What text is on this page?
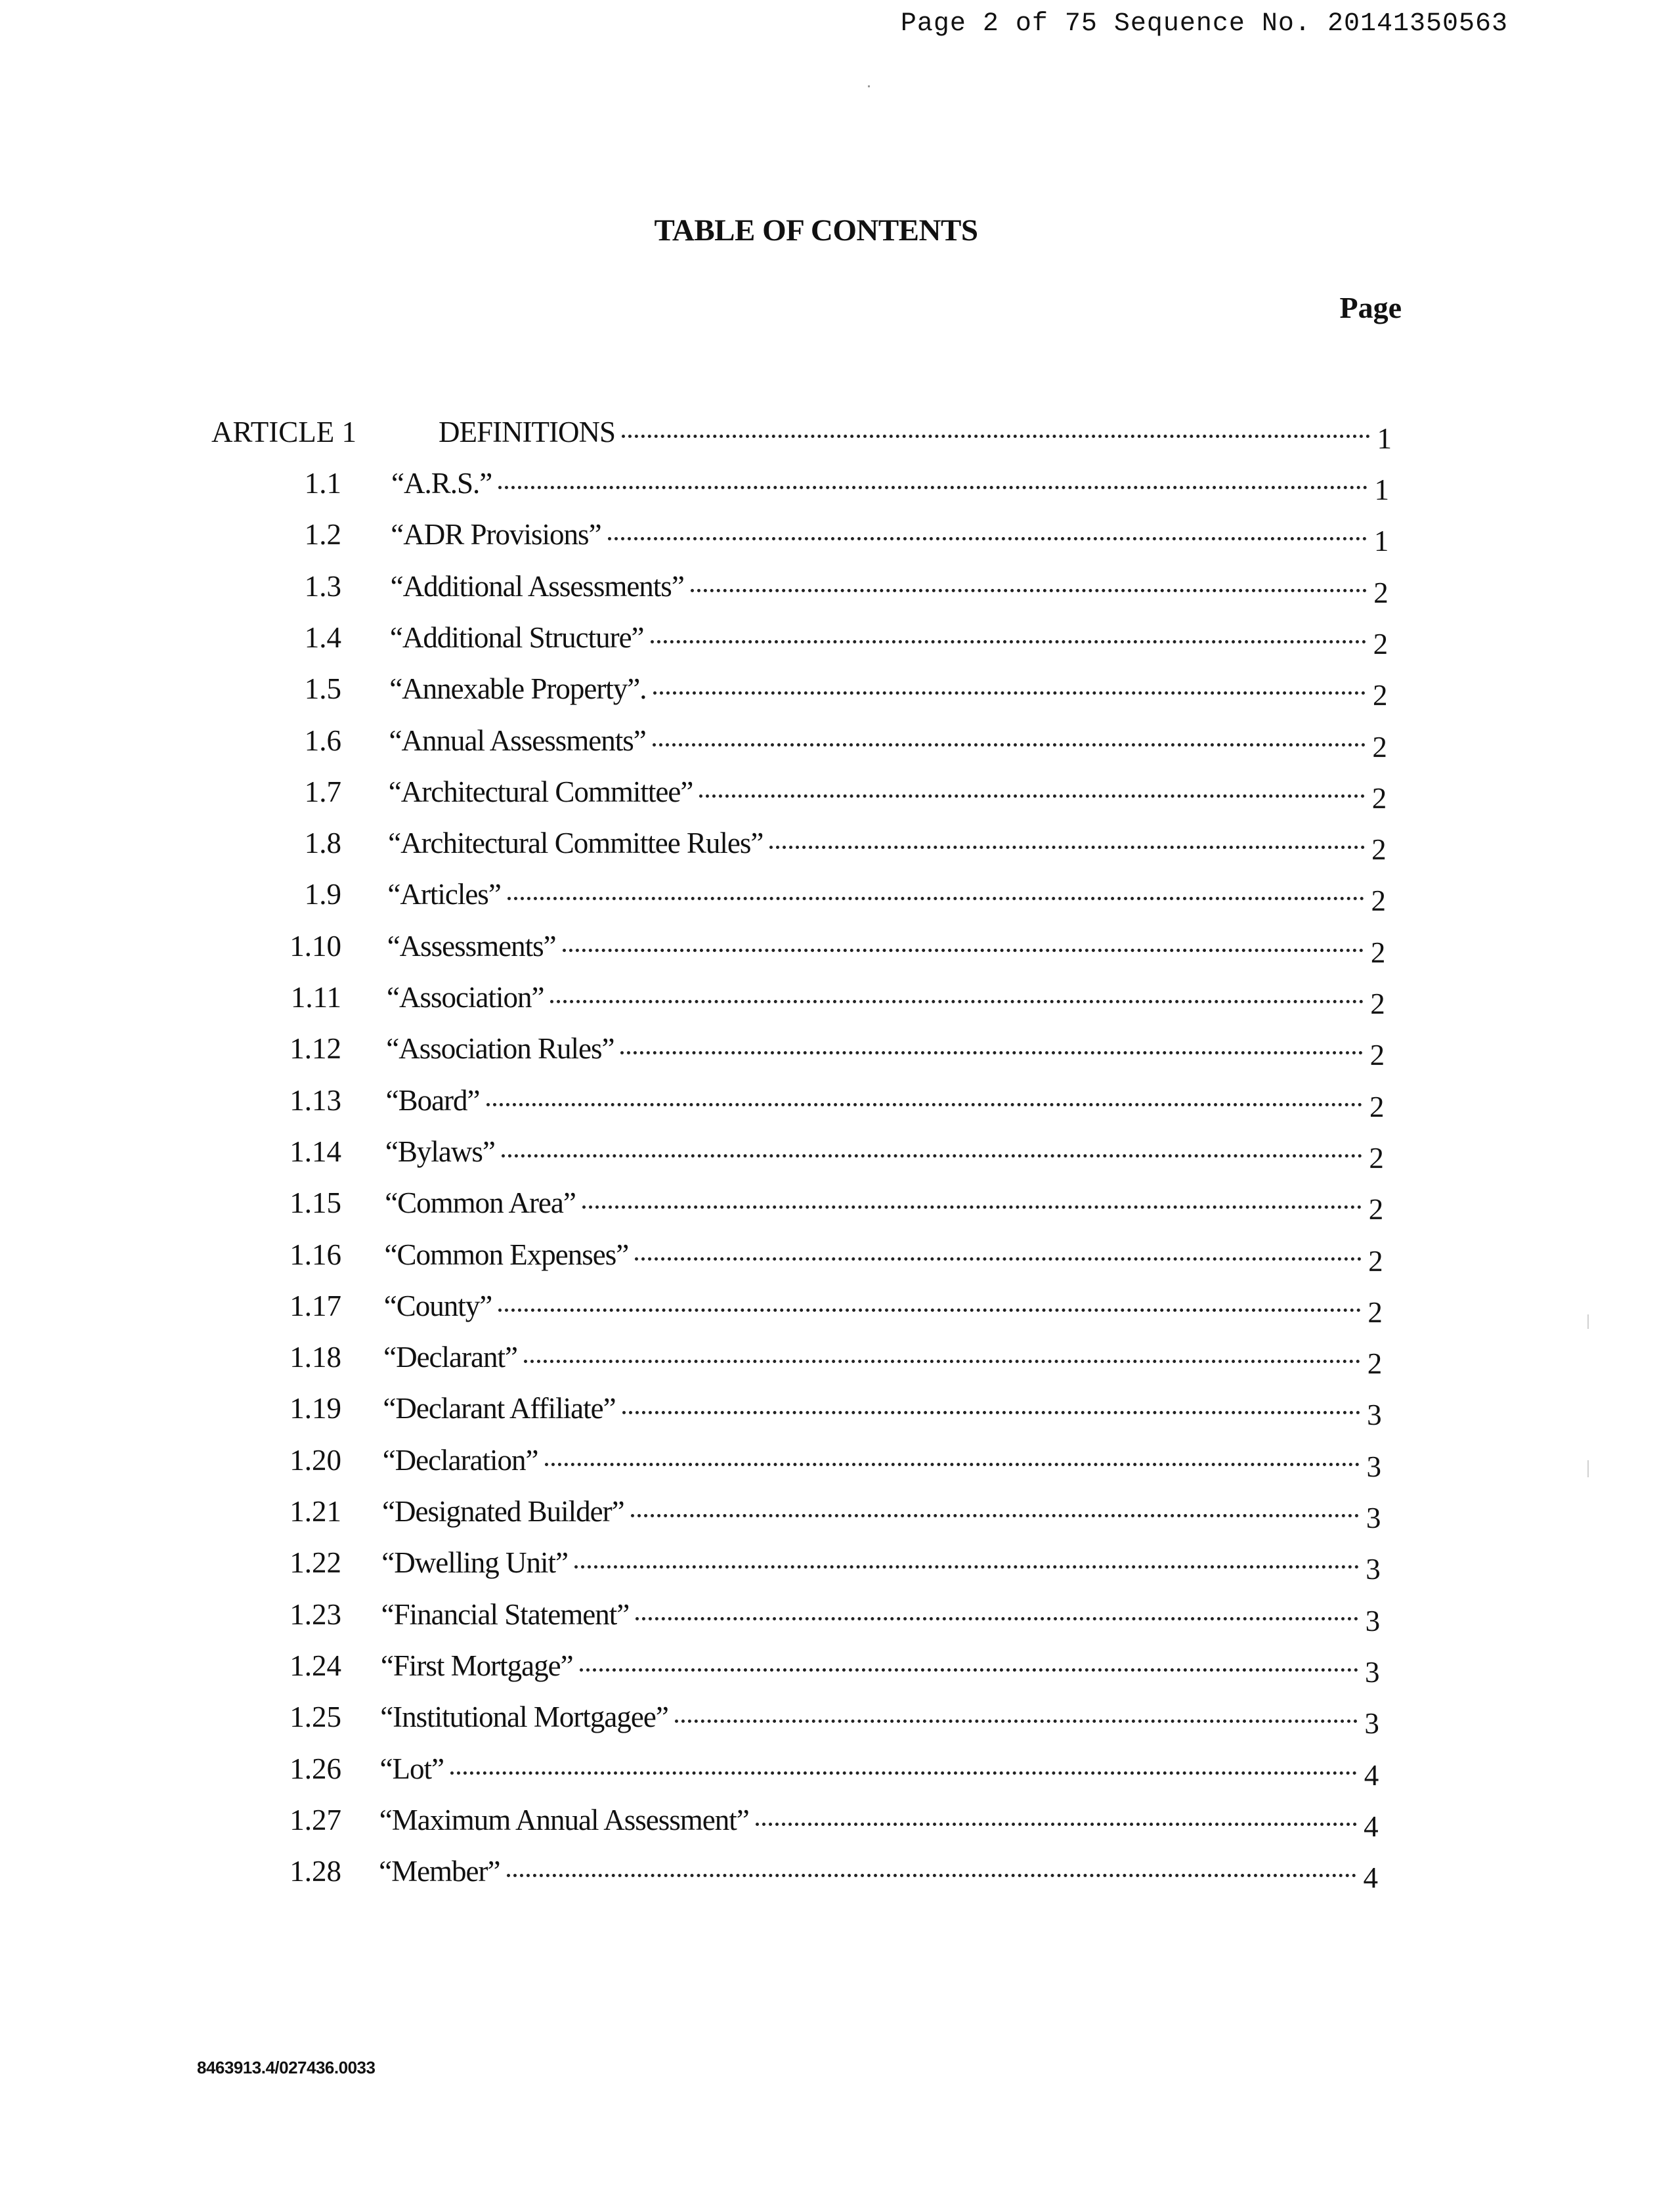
Page 2 of 75 Sequence No. 20141350563
TABLE OF CONTENTS
Page
ARTICLE 1	DEFINITIONS	1
1.1 “A.R.S.”	1
1.2 “ADR Provisions”	1
1.3 “Additional Assessments”	2
1.4 “Additional Structure”	2
1.5 “Annexable Property”.	2
1.6 “Annual Assessments”	2
1.7 “Architectural Committee”	2
1.8 “Architectural Committee Rules”	2
1.9 “Articles”	2
1.10 “Assessments”	2
1.11 “Association”	2
1.12 “Association Rules”	2
1.13 “Board”	2
1.14 “Bylaws”	2
1.15 “Common Area”	2
1.16 “Common Expenses”	2
1.17 “County”	2
1.18 “Declarant”	2
1.19 “Declarant Affiliate”	3
1.20 “Declaration”	3
1.21 “Designated Builder”	3
1.22 “Dwelling Unit”	3
1.23 “Financial Statement”	3
1.24 “First Mortgage”	3
1.25 “Institutional Mortgagee”	3
1.26 “Lot”	4
1.27 “Maximum Annual Assessment”	4
1.28 “Member”	4
8463913.4/027436.0033
